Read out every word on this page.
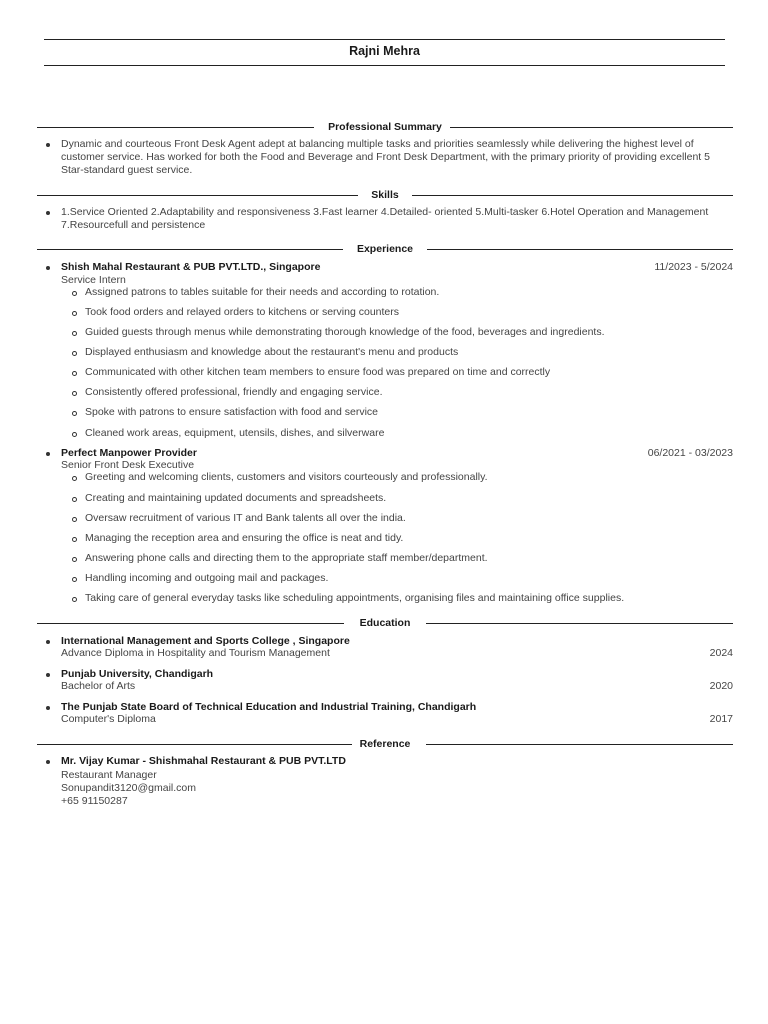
Rajni Mehra
Professional Summary
Dynamic and courteous Front Desk Agent adept at balancing multiple tasks and priorities seamlessly while delivering the highest level of customer service. Has worked for both the Food and Beverage and Front Desk Department, with the primary priority of providing excellent 5 Star-standard guest service.
Skills
1.Service Oriented 2.Adaptability and responsiveness 3.Fast learner 4.Detailed- oriented 5.Multi-tasker 6.Hotel Operation and Management 7.Resourcefull and persistence
Experience
Shish Mahal Restaurant & PUB PVT.LTD., Singapore	11/2023 - 5/2024
Service Intern
Assigned patrons to tables suitable for their needs and according to rotation.
Took food orders and relayed orders to kitchens or serving counters
Guided guests through menus while demonstrating thorough knowledge of the food, beverages and ingredients.
Displayed enthusiasm and knowledge about the restaurant's menu and products
Communicated with other kitchen team members to ensure food was prepared on time and correctly
Consistently offered professional, friendly and engaging service.
Spoke with patrons to ensure satisfaction with food and service
Cleaned work areas, equipment, utensils, dishes, and silverware
Perfect Manpower Provider	06/2021 - 03/2023
Senior Front Desk Executive
Greeting and welcoming clients, customers and visitors courteously and professionally.
Creating and maintaining updated documents and spreadsheets.
Oversaw recruitment of various IT and Bank talents all over the india.
Managing the reception area and ensuring the office is neat and tidy.
Answering phone calls and directing them to the appropriate staff member/department.
Handling incoming and outgoing mail and packages.
Taking care of general everyday tasks like scheduling appointments, organising files and maintaining office supplies.
Education
International Management and Sports College , Singapore
Advance Diploma in Hospitality and Tourism Management	2024
Punjab University, Chandigarh
Bachelor of Arts	2020
The Punjab State Board of Technical Education and Industrial Training, Chandigarh
Computer's Diploma	2017
Reference
Mr. Vijay Kumar - Shishmahal Restaurant & PUB PVT.LTD
Restaurant Manager
Sonupandit3120@gmail.com
+65 91150287
